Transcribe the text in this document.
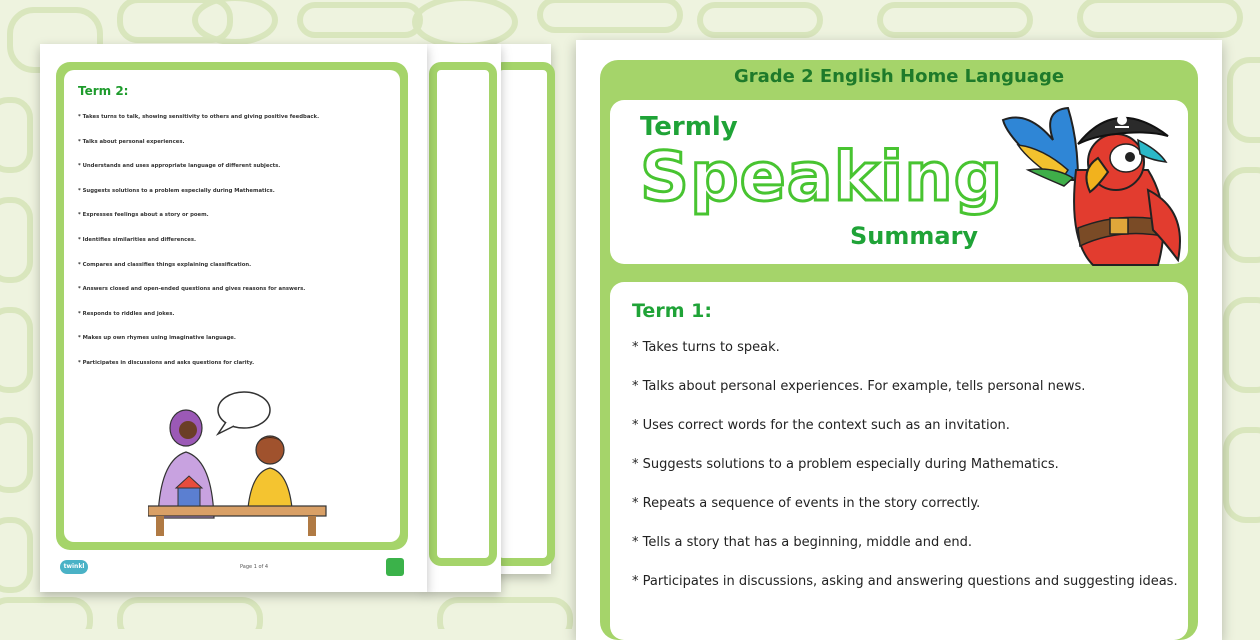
Term 2:
* Takes turns to talk, showing sensitivity to others and giving positive feedback.
* Talks about personal experiences.
* Understands and uses appropriate language of different subjects.
* Suggests solutions to a problem especially during Mathematics.
* Expresses feelings about a story or poem.
* Identifies similarities and differences.
* Compares and classifies things explaining classification.
* Answers closed and open-ended questions and gives reasons for answers.
* Responds to riddles and jokes.
* Makes up own rhymes using imaginative language.
* Participates in discussions and asks questions for clarity.
twinkl	Page 1 of 4
Grade 2 English Home Language
Termly
Speaking
Summary
Term 1:
* Takes turns to speak.
* Talks about personal experiences. For example, tells personal news.
* Uses correct words for the context such as an invitation.
* Suggests solutions to a problem especially during Mathematics.
* Repeats a sequence of events in the story correctly.
* Tells a story that has a beginning, middle and end.
* Participates in discussions, asking and answering questions and suggesting ideas.
